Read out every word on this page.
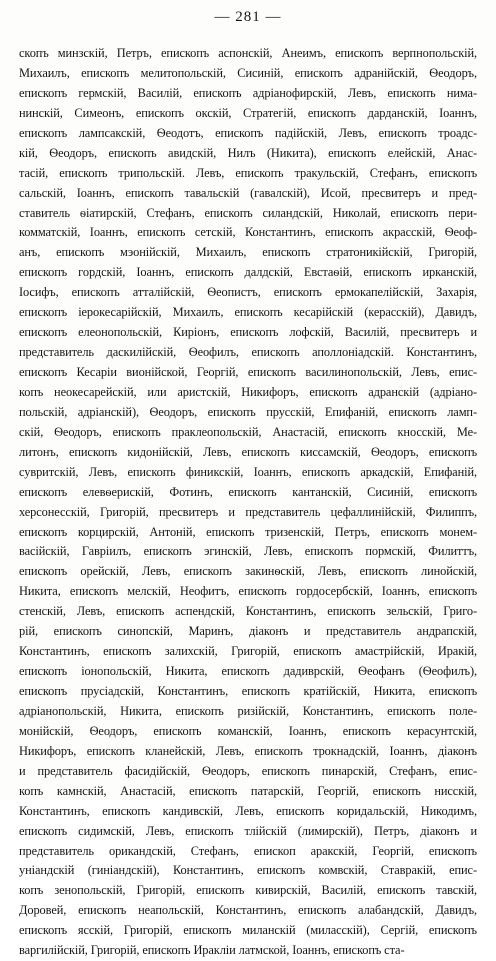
— 281 —
скопъ минзскій, Петръ, епископъ аспонскій, Анеимъ, епископъ верпнопольскій,
Михаилъ, епископъ мелитопольскій, Сисиній, епископъ адранійскій, Ѳеодоръ,
епископъ гермскій, Василій, епископъ адріанофирскій, Левъ, епископъ нима-
нинскій, Симеонъ, епископъ окскій, Стратегій, епископъ дарданскій, Іоаннъ,
епископъ лампсакскій, Ѳеодотъ, епископъ падійскій, Левъ, епископъ троадс-
кій, Ѳеодоръ, епископъ авидскій, Нилъ (Никита), епископъ елейскій, Анас-
тасій, епископъ трипольскій. Левъ, епископъ тракульскій, Стефанъ, епископъ
сальскій, Іоаннъ, епископъ тавальскій (гавалскій), Исой, пресвитеръ и пред-
ставитель ѳіатирскій, Стефанъ, епископъ силандскій, Николай, епископъ пери-
комматскій, Іоаннъ, епископъ сетскій, Константинъ, епископъ акрасскій, Ѳеоф-
анъ, епископъ мэонійскій, Михаилъ, епископъ стратоникійскій, Григорій,
епископъ гордскій, Іоаннъ, епископъ далдскій, Евстаѳій, епископъ ирканскій,
Іосифъ, епископъ атталійскій, Ѳеопистъ, епископъ ермокапелійскій, Захарія,
епископъ іерокесарійскій, Михаилъ, епископъ кесарійскій (керасскій), Давидъ,
епископъ елеонопольскій, Киріонъ, епископъ лофскій, Василій, пресвитеръ и
представитель даскилійскій, Ѳеофилъ, епископъ аполлоніадскій. Константинъ,
епископъ Кесаріи вионійской, Георгій, епископъ василинопольскій, Левъ, епис-
копъ неокесарейскій, или аристскій, Никифоръ, епископъ адранскій (адріано-
польскій, адріанскій), Ѳеодоръ, епископъ прусскій, Епифаній, епископъ ламп-
скій, Ѳеодоръ, епископъ праклеопольскій, Анастасій, епископъ кносскій, Ме-
литонъ, епископъ кидонійскій, Левъ, епископъ киссамскій, Ѳеодоръ, епископъ
сувритскій, Левъ, епископъ финикскій, Іоаннъ, епископъ аркадскій, Епифаній,
епископъ елевѳерискій, Фотинъ, епископъ кантанскій, Сисиній, епископъ
херсонесскій, Григорій, пресвитеръ и представитель цефаллинійскій, Филиппъ,
епископъ корцирскій, Антоній, епископъ тризенскій, Петръ, епископъ монем-
васійскій, Гавріилъ, епископъ эгинскій, Левъ, епископъ пормскій, Филиттъ,
епископъ орейскій, Левъ, епископъ закинѳскій, Левъ, епископъ линойскій,
Никита, епископъ мелскій, Неофитъ, епископъ гордосербскій, Іоаннъ, епископъ
стенскій, Левъ, епископъ аспендскій, Константинъ, епископъ зельскій, Григо-
рій, епископъ синопскій, Маринъ, діаконъ и представитель андрапскій,
Константинъ, епископъ залихскій, Григорій, епископъ амастрійскій, Иракій,
епископъ іонопольскій, Никита, епископъ дадиврскій, Ѳеофанъ (Ѳеофилъ),
епископъ прусіадскій, Константинъ, епископъ кратійскій, Никита, епископъ
адріанопольскій, Никита, епископъ ризійскій, Константинъ, епископъ поле-
монійскій, Ѳеодоръ, епископъ команскій, Іоаннъ, епископъ керасунтскій,
Никифоръ, епископъ кланейскій, Левъ, епископъ трокнадскій, Іоаннъ, діаконъ
и представитель фасидійскій, Ѳеодоръ, епископъ пинарскій, Стефанъ, епис-
копъ камнскій, Анастасій, епископъ патарскій, Георгій, епископъ нисскій,
Константинъ, епископъ кандивскій, Левъ, епископъ коридальскій, Никодимъ,
епископъ сидимскій, Левъ, епископъ тлійскій (лимирскій), Петръ, діаконъ и
представитель орикандскій, Стефанъ, епископ аракскій, Георгій, епископъ
уніандскій (гиніандскій), Константинъ, епископъ комвскій, Ставракій, епис-
копъ зенопольскій, Григорій, епископъ кивирскій, Василій, епископъ тавскій,
Доровей, епископъ неапольскій, Константинъ, епископъ алабандскій, Давидъ,
епископъ ясскій, Григорій, епископъ миланскій (миласскій), Сергій, епископъ
варгилійскій, Григорій, епископъ Иракліи латмской, Іоаннъ, епископъ ста-
